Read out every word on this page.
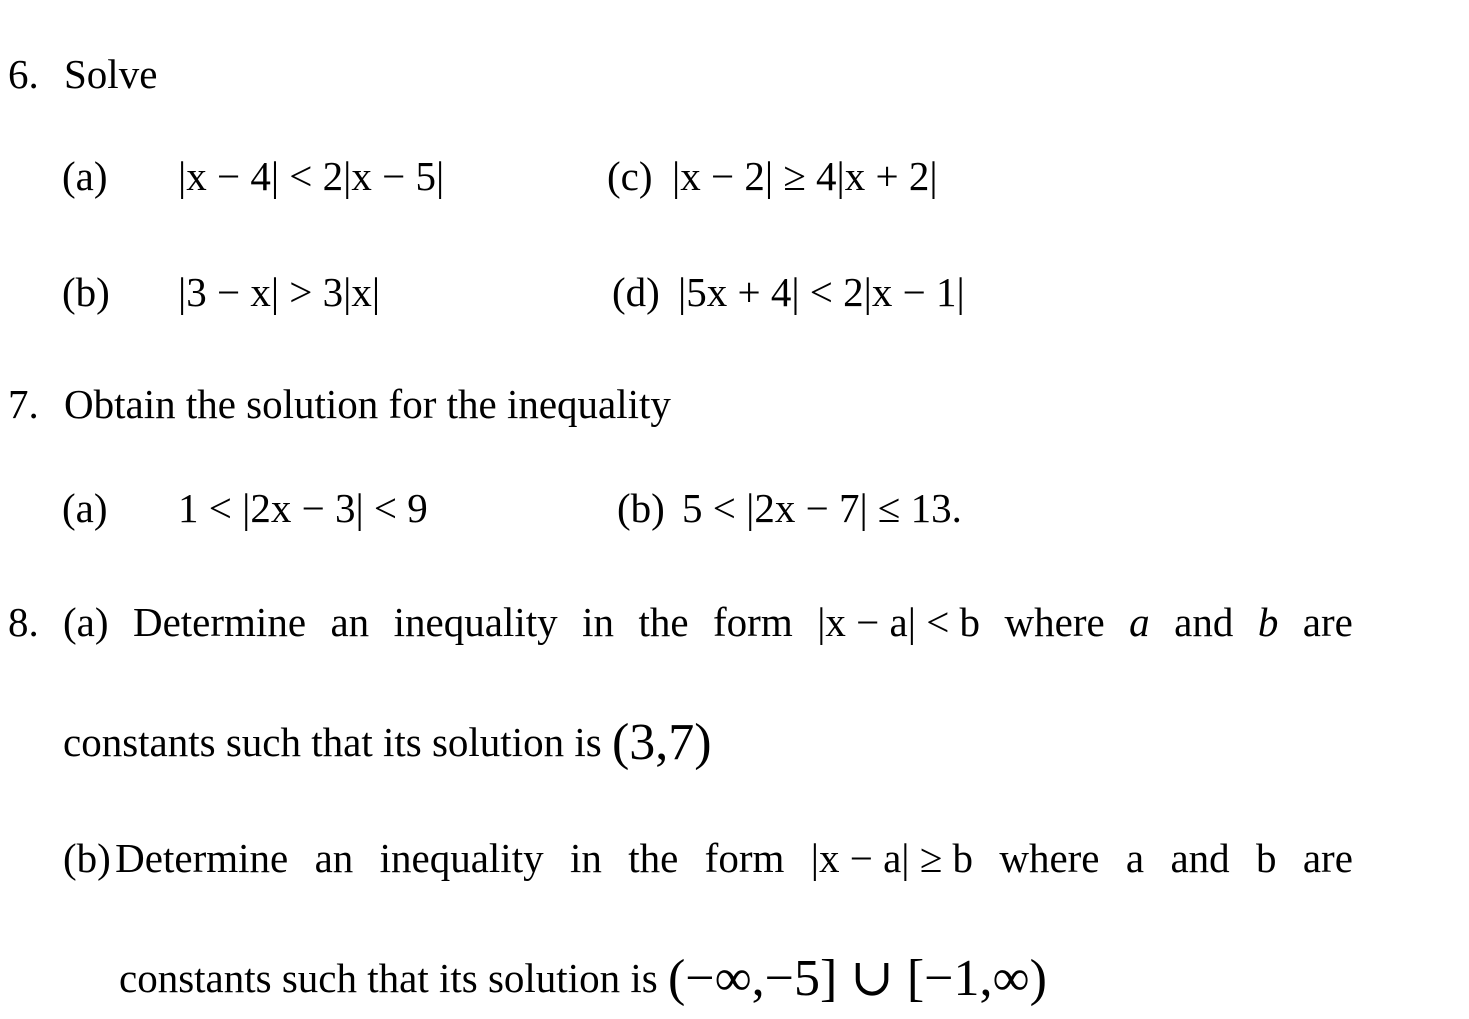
6. Solve
(a) |x − 4| < 2|x − 5|	(c) |x − 2| ≥ 4|x + 2|
(b) |3 − x| > 3|x|	(d) |5x + 4| < 2|x − 1|
7. Obtain the solution for the inequality
(a) 1 < |2x − 3| < 9	(b) 5 < |2x − 7| ≤ 13.
8. (a) Determine an inequality in the form |x − a| < b where a and b are
constants such that its solution is (3,7)
(b) Determine an inequality in the form |x − a| ≥ b where a and b are
constants such that its solution is (−∞,−5] ∪ [−1,∞)
